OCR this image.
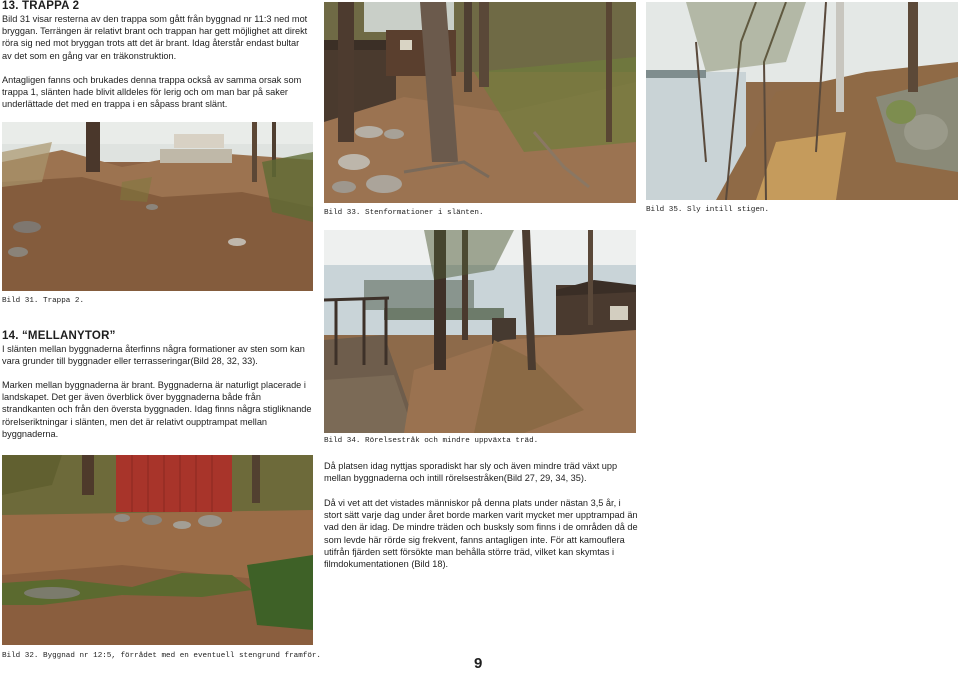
13. TRAPPA 2

Bild 31 visar resterna av den trappa som gått från byggnad nr 11:3 ned mot bryggan. Terrängen är relativt brant och trappan har gett möjlighet att direkt röra sig ned mot bryggan trots att det är brant. Idag återstår endast bultar av det som en gång var en träkonstruktion.

Antagligen fanns och brukades denna trappa också av samma orsak som trappa 1, slänten hade blivit alldeles för lerig och om man bar på saker underlättade det med en trappa i en såpass brant slänt.

Bild 31. Trappa 2.
14. “MELLANYTOR”

I slänten mellan byggnaderna återfinns några formationer av sten som kan vara grunder till byggnader eller terrasseringar(Bild 28, 32, 33).

Marken mellan byggnaderna är brant. Byggnaderna är naturligt placerade i landskapet. Det ger även överblick över byggnaderna både från strandkanten och från den översta byggnaden. Idag finns några stigliknande rörelseriktningar i slänten, men det är relativt oupptrampat mellan byggnaderna.

Bild 32. Byggnad nr 12:5, förrådet med en eventuell stengrund framför.
Bild 33. Stenformationer i slänten.	Bild 35. Sly intill stigen.
Bild 34. Rörelsestråk och mindre uppväxta träd.

Då platsen idag nyttjas sporadiskt har sly och även mindre träd växt upp mellan byggnaderna och intill rörelsestråken(Bild 27, 29, 34, 35).

Då vi vet att det vistades människor på denna plats under nästan 3,5 år, i stort sätt varje dag under året borde marken varit mycket mer upptrampad än vad den är idag. De mindre träden och busksly som finns i de områden då de som levde här rörde sig frekvent, fanns antagligen inte. För att kamouflera utifrån fjärden sett försökte man behålla större träd, vilket kan skymtas i filmdokumentationen (Bild 18).

9
